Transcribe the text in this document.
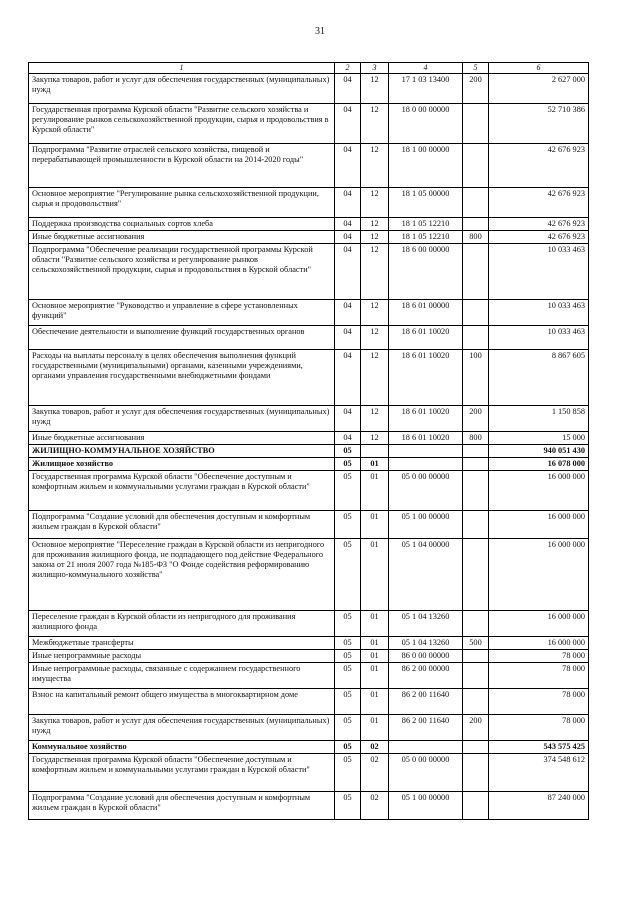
31
1	2	3	4	5	6
Закупка товаров, работ и услуг для обеспечения государственных (муниципальных) нужд	04	12	17 1 03 13400	200	2 627 000
Государственная программа Курской области "Развитие сельского хозяйства и регулирование рынков сельскохозяйственной продукции, сырья и продовольствия в Курской области"	04	12	18 0 00 00000		52 710 386
Подпрограмма "Развитие отраслей сельского хозяйства, пищевой и перерабатывающей промышленности в Курской области на 2014-2020 годы"	04	12	18 1 00 00000		42 676 923
Основное мероприятие "Регулирование рынка сельскохозяйственной продукции, сырья и продовольствия"	04	12	18 1 05 00000		42 676 923
Поддержка производства социальных сортов хлеба	04	12	18 1 05 12210		42 676 923
Иные бюджетные ассигнования	04	12	18 1 05 12210	800	42 676 923
Подпрограмма "Обеспечение реализации государственной программы Курской области "Развитие сельского хозяйства и регулирование рынков сельскохозяйственной продукции, сырья и продовольствия в Курской области"	04	12	18 6 00 00000		10 033 463
Основное мероприятие "Руководство и управление в сфере установленных функций"	04	12	18 6 01 00000		10 033 463
Обеспечение деятельности и выполнение функций государственных органов	04	12	18 6 01 10020		10 033 463
Расходы на выплаты персоналу в целях обеспечения выполнения функций государственными (муниципальными) органами, казенными учреждениями, органами управления государственными внебюджетными фондами	04	12	18 6 01 10020	100	8 867 605
Закупка товаров, работ и услуг для обеспечения государственных (муниципальных) нужд	04	12	18 6 01 10020	200	1 150 858
Иные бюджетные ассигнования	04	12	18 6 01 10020	800	15 000
ЖИЛИЩНО-КОММУНАЛЬНОЕ ХОЗЯЙСТВО	05				940 051 430
Жилищное хозяйство	05	01			16 078 000
Государственная программа Курской области "Обеспечение доступным и комфортным жильем и коммунальными услугами граждан в Курской области"	05	01	05 0 00 00000		16 000 000
Подпрограмма "Создание условий для обеспечения доступным и комфортным жильем граждан в Курской области"	05	01	05 1 00 00000		16 000 000
Основное мероприятие "Переселение граждан в Курской области из непригодного для проживания жилищного фонда, не подпадающего под действие Федерального закона от 21 июля 2007 года №185-ФЗ "О Фонде содействия реформированию жилищно-коммунального хозяйства"	05	01	05 1 04 00000		16 000 000
Переселение граждан в Курской области из непригодного для проживания жилищного фонда	05	01	05 1 04 13260		16 000 000
Межбюджетные трансферты	05	01	05 1 04 13260	500	16 000 000
Иные непрограммные расходы	05	01	86 0 00 00000		78 000
Иные непрограммные расходы, связанные с содержанием государственного имущества	05	01	86 2 00 00000		78 000
Взнос на капитальный ремонт общего имущества в многоквартирном доме	05	01	86 2 00 11640		78 000
Закупка товаров, работ и услуг для обеспечения государственных (муниципальных) нужд	05	01	86 2 00 11640	200	78 000
Коммунальное хозяйство	05	02			543 575 425
Государственная программа Курской области "Обеспечение доступным и комфортным жильем и коммунальными услугами граждан в Курской области"	05	02	05 0 00 00000		374 548 612
Подпрограмма "Создание условий для обеспечения доступным и комфортным жильем граждан в Курской области"	05	02	05 1 00 00000		87 240 000
